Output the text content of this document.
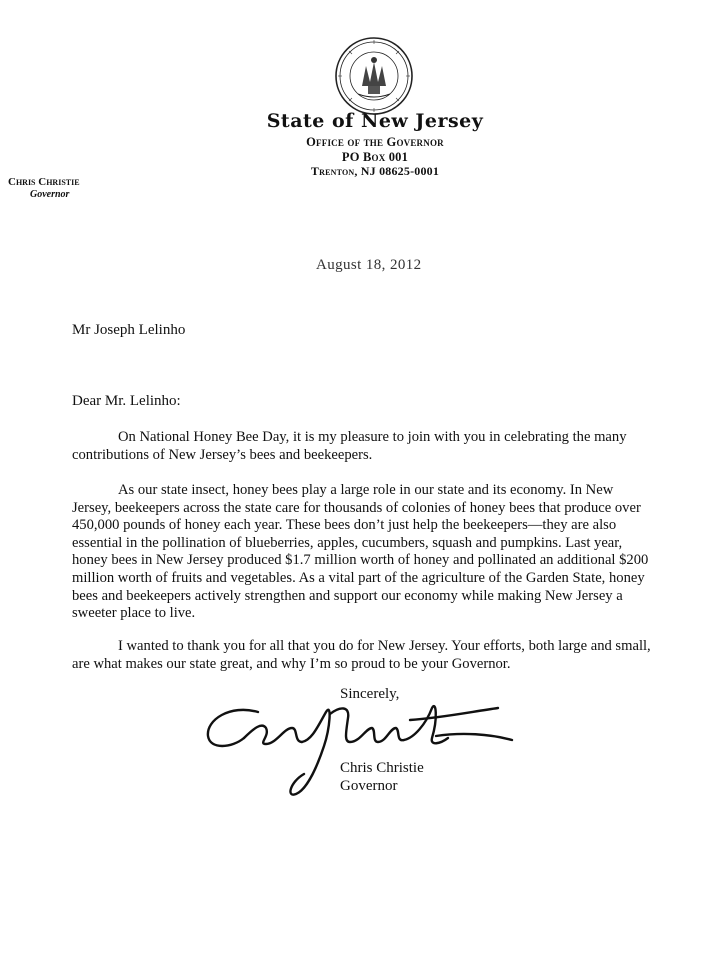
State of New Jersey
Office of the Governor
PO Box 001
Trenton, NJ 08625-0001
Chris Christie
Governor
August 18, 2012
Mr Joseph Lelinho
Dear Mr. Lelinho:

On National Honey Bee Day, it is my pleasure to join with you in celebrating the many contributions of New Jersey’s bees and beekeepers.

As our state insect, honey bees play a large role in our state and its economy. In New Jersey, beekeepers across the state care for thousands of colonies of honey bees that produce over 450,000 pounds of honey each year. These bees don’t just help the beekeepers—they are also essential in the pollination of blueberries, apples, cucumbers, squash and pumpkins. Last year, honey bees in New Jersey produced $1.7 million worth of honey and pollinated an additional $200 million worth of fruits and vegetables. As a vital part of the agriculture of the Garden State, honey bees and beekeepers actively strengthen and support our economy while making New Jersey a sweeter place to live.

I wanted to thank you for all that you do for New Jersey. Your efforts, both large and small, are what makes our state great, and why I’m so proud to be your Governor.

Sincerely,
Chris Christie
Governor
